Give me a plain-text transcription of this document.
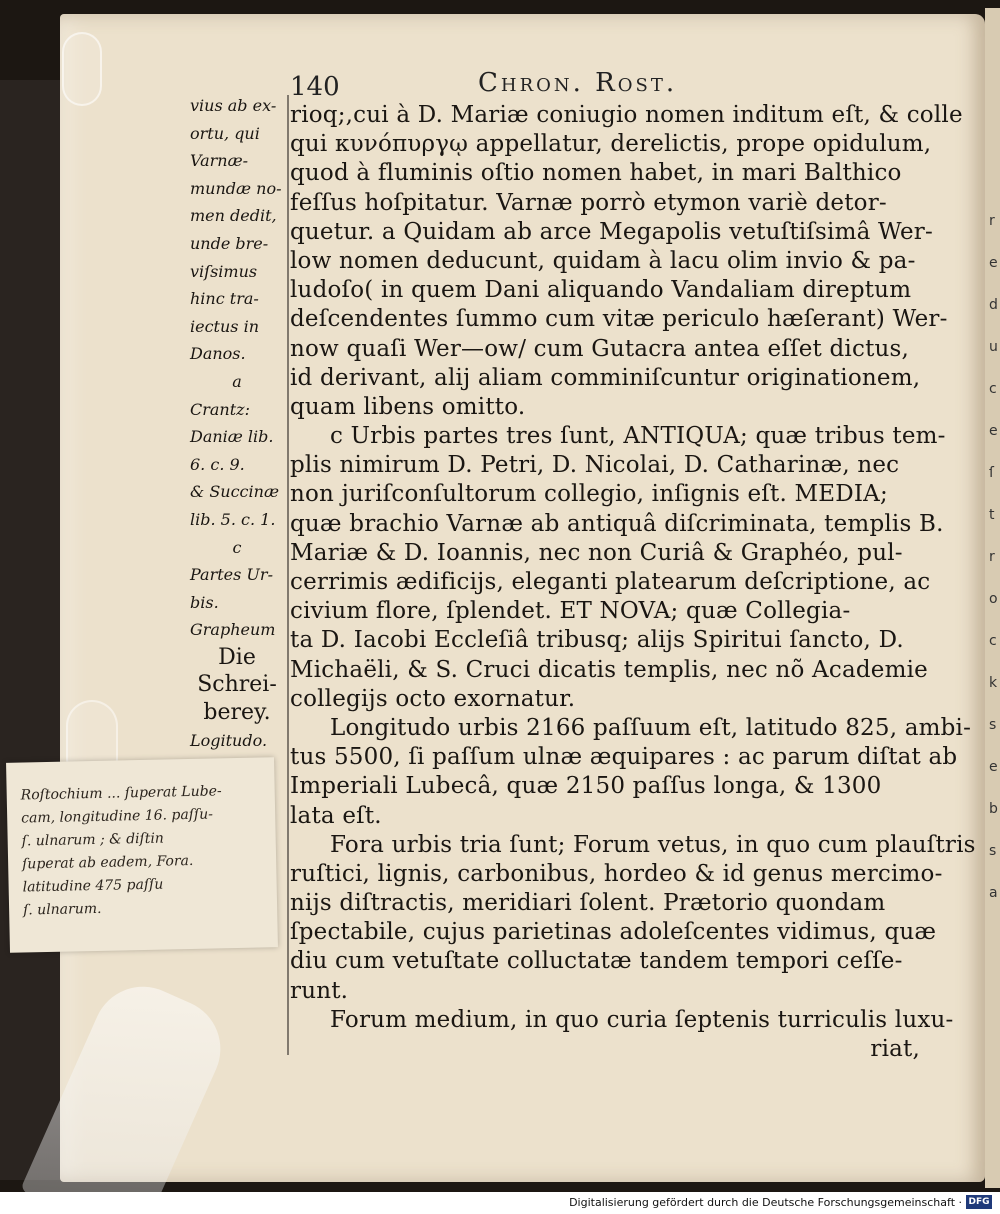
r e d u c e ſ t r o c k s e b s a
140	Chron. Rost.
vius ab ex-
ortu, qui
Varnæ-
mundæ no-
men dedit,
unde bre-
viſsimus
hinc tra-
iectus in
Danos.
a
Crantz:
Daniæ lib.
6. c. 9.
& Succinæ
lib. 5. c. 1.
c
Partes Ur-
bis.
Grapheum
Die
Schrei-
berey.
Logitudo.
rioq;,cui à D. Mariæ coniugio nomen inditum eſt, & colle
qui κυνόπυργῳ appellatur, derelictis, prope opidulum,
quod à fluminis oſtio nomen habet, in mari Balthico
feſſus hoſpitatur. Varnæ porrò etymon variè detor-
quetur. a Quidam ab arce Megapolis vetuſtiſsimâ Wer-
low nomen deducunt, quidam à lacu olim invio & pa-
ludoſo( in quem Dani aliquando Vandaliam direptum
deſcendentes ſummo cum vitæ periculo hæſerant) Wer-
now quaſi Wer—ow/ cum Gutacra antea eſſet dictus,
id derivant, alij aliam comminiſcuntur originationem,
quam libens omitto.
c Urbis partes tres ſunt, ANTIQUA; quæ tribus tem-
plis nimirum D. Petri, D. Nicolai, D. Catharinæ, nec
non juriſconſultorum collegio, inſignis eſt. MEDIA;
quæ brachio Varnæ ab antiquâ diſcriminata, templis B.
Mariæ & D. Ioannis, nec non Curiâ & Graphéo, pul-
cerrimis ædificijs, eleganti platearum deſcriptione, ac
civium flore, ſplendet. ET NOVA; quæ Collegia-
ta D. Iacobi Eccleſiâ tribusq; alijs Spiritui ſancto, D.
Michaëli, & S. Cruci dicatis templis, nec nõ Academie
collegijs octo exornatur.
Longitudo urbis 2166 paſſuum eſt, latitudo 825, ambi-
tus 5500, ſi paſſum ulnæ æquipares : ac parum diſtat ab
Imperiali Lubecâ, quæ 2150 paſſus longa, & 1300
lata eſt.
Fora urbis tria ſunt; Forum vetus, in quo cum plauſtris
ruſtici, lignis, carbonibus, hordeo & id genus mercimo-
nijs diſtractis, meridiari ſolent. Prætorio quondam
ſpectabile, cujus parietinas adoleſcentes vidimus, quæ
diu cum vetuſtate colluctatæ tandem tempori ceſſe-
runt.
Forum medium, in quo curia ſeptenis turriculis luxu-
riat,
Roſtochium ... ſuperat Lube-
cam, longitudine 16. paſſu-
ſ. ulnarum ; & diſtin
ſuperat ab eadem, Fora.
latitudine 475 paſſu
ſ. ulnarum.
Digitalisierung gefördert durch die Deutsche Forschungsgemeinschaft · DFG
